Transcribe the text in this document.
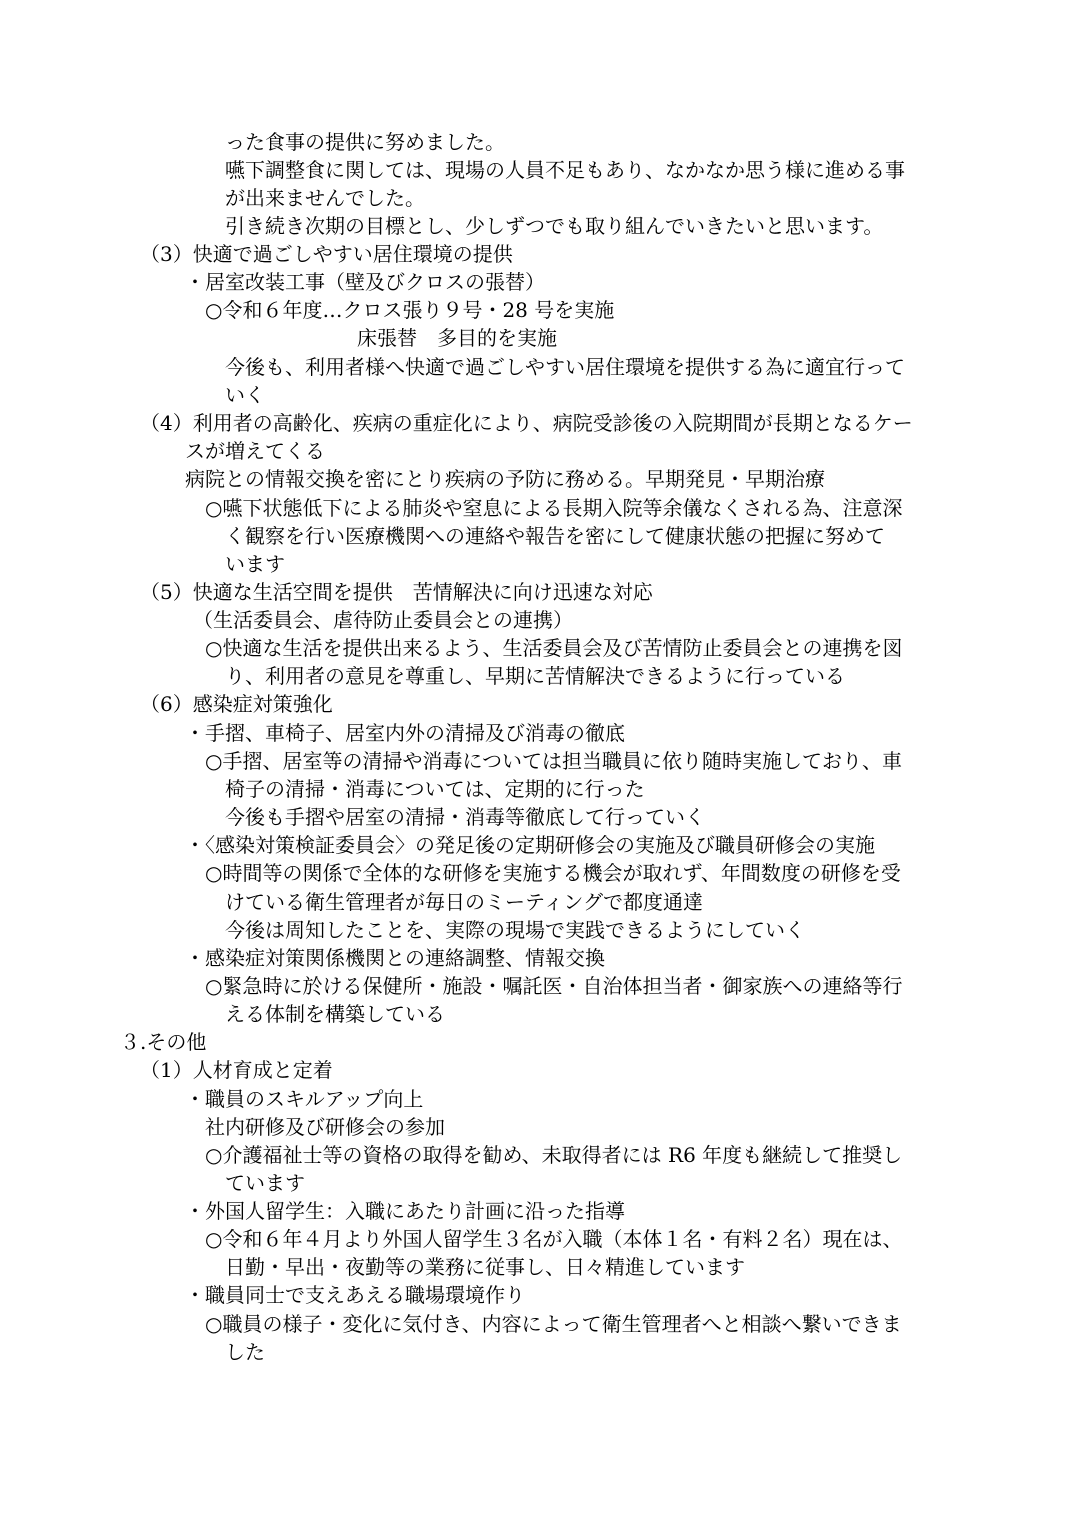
った食事の提供に努めました。
嚥下調整食に関しては、現場の人員不足もあり、なかなか思う様に進める事
が出来ませんでした。
引き続き次期の目標とし、少しずつでも取り組んでいきたいと思います。
（3）快適で過ごしやすい居住環境の提供
・居室改装工事（壁及びクロスの張替）
○令和６年度…クロス張り９号・28 号を実施
床張替　多目的を実施
今後も、利用者様へ快適で過ごしやすい居住環境を提供する為に適宜行って
いく
（4）利用者の高齢化、疾病の重症化により、病院受診後の入院期間が長期となるケー
スが増えてくる
病院との情報交換を密にとり疾病の予防に務める。早期発見・早期治療
○嚥下状態低下による肺炎や窒息による長期入院等余儀なくされる為、注意深
く観察を行い医療機関への連絡や報告を密にして健康状態の把握に努めて
います
（5）快適な生活空間を提供　苦情解決に向け迅速な対応
（生活委員会、虐待防止委員会との連携）
○快適な生活を提供出来るよう、生活委員会及び苦情防止委員会との連携を図
り、利用者の意見を尊重し、早期に苦情解決できるように行っている
（6）感染症対策強化
・手摺、車椅子、居室内外の清掃及び消毒の徹底
○手摺、居室等の清掃や消毒については担当職員に依り随時実施しており、車
椅子の清掃・消毒については、定期的に行った
今後も手摺や居室の清掃・消毒等徹底して行っていく
・〈感染対策検証委員会〉の発足後の定期研修会の実施及び職員研修会の実施
○時間等の関係で全体的な研修を実施する機会が取れず、年間数度の研修を受
けている衛生管理者が毎日のミーティングで都度通達
今後は周知したことを、実際の現場で実践できるようにしていく
・感染症対策関係機関との連絡調整、情報交換
○緊急時に於ける保健所・施設・嘱託医・自治体担当者・御家族への連絡等行
える体制を構築している
３.その他
（1）人材育成と定着
・職員のスキルアップ向上
社内研修及び研修会の参加
○介護福祉士等の資格の取得を勧め、未取得者には R6 年度も継続して推奨し
ています
・外国人留学生：入職にあたり計画に沿った指導
○令和６年４月より外国人留学生３名が入職（本体１名・有料２名）現在は、
日勤・早出・夜勤等の業務に従事し、日々精進しています
・職員同士で支えあえる職場環境作り
○職員の様子・変化に気付き、内容によって衛生管理者へと相談へ繋いできま
した
